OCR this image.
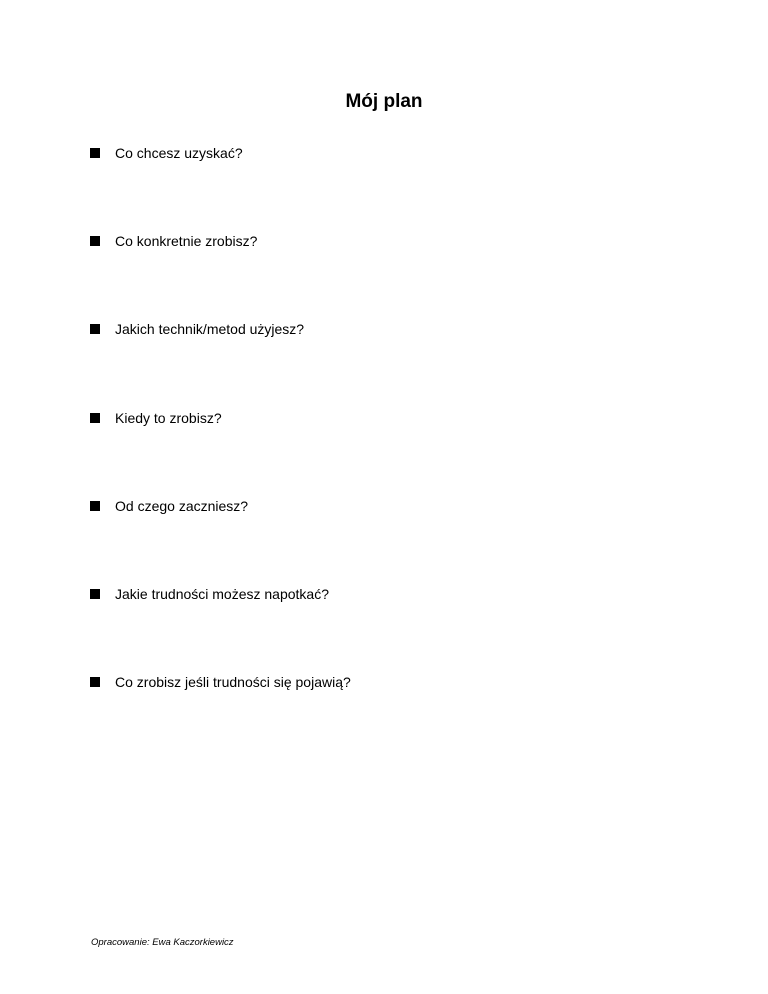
Mój plan
Co chcesz uzyskać?
Co konkretnie zrobisz?
Jakich technik/metod użyjesz?
Kiedy to zrobisz?
Od czego zaczniesz?
Jakie trudności możesz napotkać?
Co zrobisz jeśli trudności się pojawią?
Opracowanie: Ewa Kaczorkiewicz
